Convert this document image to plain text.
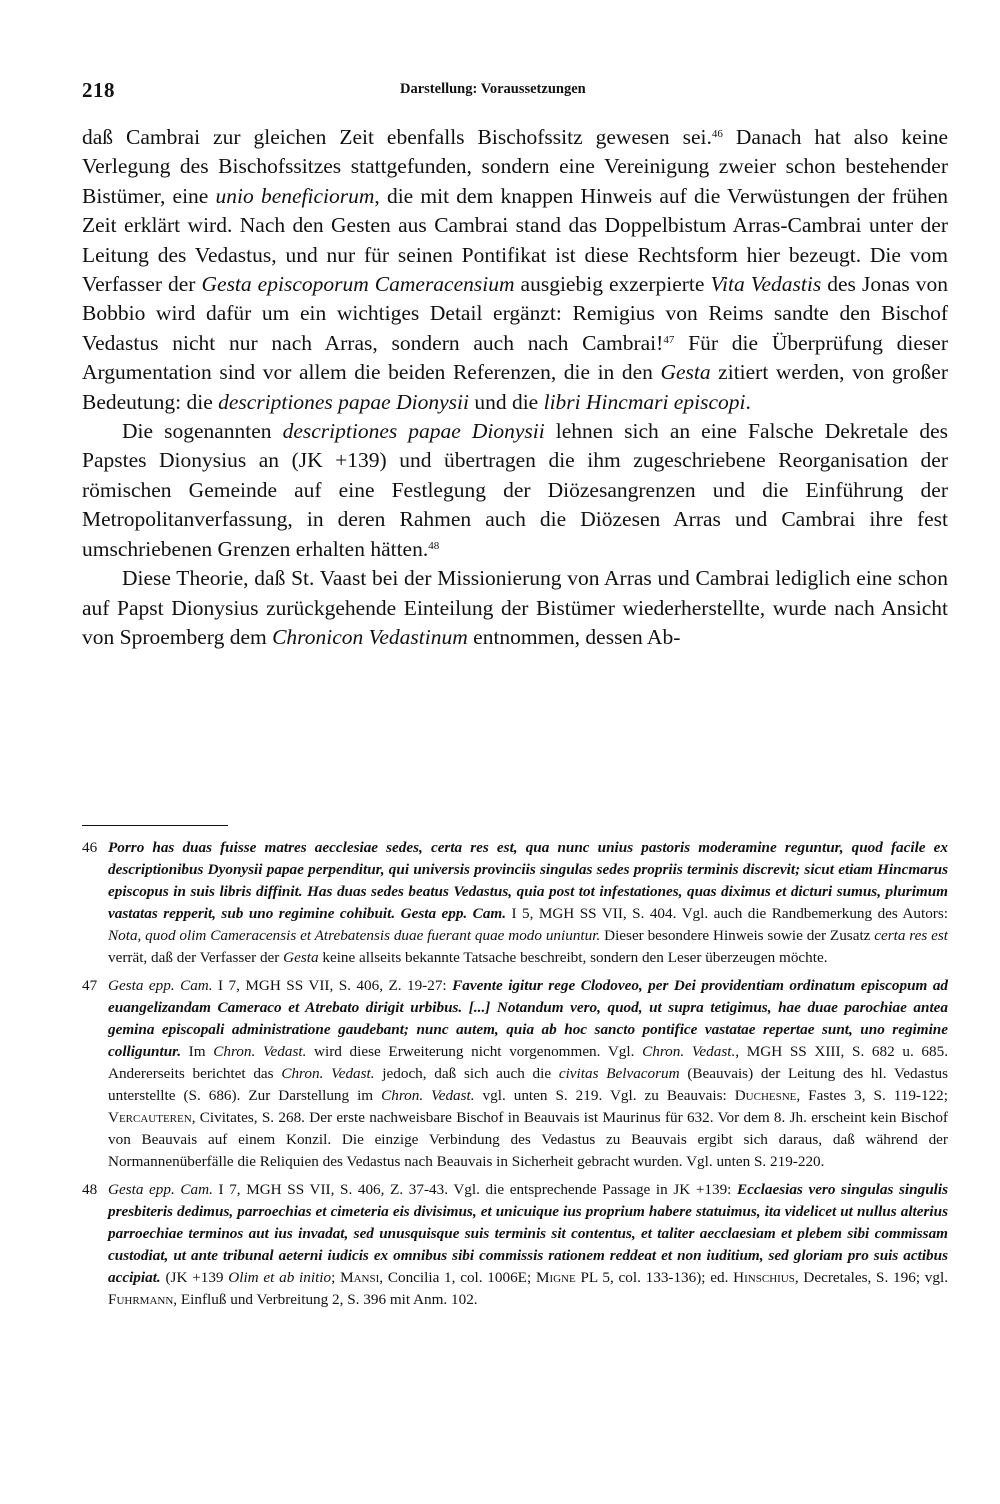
218	Darstellung: Voraussetzungen

daß Cambrai zur gleichen Zeit ebenfalls Bischofssitz gewesen sei.$^{46}$ Danach hat also keine Verlegung des Bischofssitzes stattgefunden, sondern eine Vereinigung zweier schon bestehender Bistümer, eine unio beneficiorum, die mit dem knappen Hinweis auf die Verwüstungen der frühen Zeit erklärt wird. Nach den Gesten aus Cambrai stand das Doppelbistum Arras-Cambrai unter der Leitung des Vedastus, und nur für seinen Pontifikat ist diese Rechtsform hier bezeugt. Die vom Verfasser der Gesta episcoporum Cameracensium ausgiebig exzerpierte Vita Vedastis des Jonas von Bobbio wird dafür um ein wichtiges Detail ergänzt: Remigius von Reims sandte den Bischof Vedastus nicht nur nach Arras, sondern auch nach Cambrai!$^{47}$ Für die Überprüfung dieser Argumentation sind vor allem die beiden Referenzen, die in den Gesta zitiert werden, von großer Bedeutung: die descriptiones papae Dionysii und die libri Hincmari episcopi.

Die sogenannten descriptiones papae Dionysii lehnen sich an eine Falsche Dekretale des Papstes Dionysius an (JK +139) und übertragen die ihm zugeschriebene Reorganisation der römischen Gemeinde auf eine Festlegung der Diözesangrenzen und die Einführung der Metropolitanverfassung, in deren Rahmen auch die Diözesen Arras und Cambrai ihre fest umschriebenen Grenzen erhalten hätten.$^{48}$

Diese Theorie, daß St. Vaast bei der Missionierung von Arras und Cambrai lediglich eine schon auf Papst Dionysius zurückgehende Einteilung der Bistümer wiederherstellte, wurde nach Ansicht von Sproemberg dem Chronicon Vedastinum entnommen, dessen Ab-

46 Porro has duas fuisse matres aecclesiae sedes, certa res est, qua nunc unius pastoris moderamine reguntur, quod facile ex descriptionibus Dyonysii papae perpenditur, qui universis provinciis singulas sedes propriis terminis discrevit; sicut etiam Hincmarus episcopus in suis libris diffinit. Has duas sedes beatus Vedastus, quia post tot infestationes, quas diximus et dicturi sumus, plurimum vastatas repperit, sub uno regimine cohibuit. Gesta epp. Cam. I 5, MGH SS VII, S. 404. Vgl. auch die Randbemerkung des Autors: Nota, quod olim Cameracensis et Atrebatensis duae fuerant quae modo uniuntur. Dieser besondere Hinweis sowie der Zusatz certa res est verrät, daß der Verfasser der Gesta keine allseits bekannte Tatsache beschreibt, sondern den Leser überzeugen möchte.
47 Gesta epp. Cam. I 7, MGH SS VII, S. 406, Z. 19-27: Favente igitur rege Clodoveo, per Dei providentiam ordinatum episcopum ad euangelizandam Cameraco et Atrebato dirigit urbibus. [...] Notandum vero, quod, ut supra tetigimus, hae duae parochiae antea gemina episcopali administratione gaudebant; nunc autem, quia ab hoc sancto pontifice vastatae repertae sunt, uno regimine colliguntur. Im Chron. Vedast. wird diese Erweiterung nicht vorgenommen. Vgl. Chron. Vedast., MGH SS XIII, S. 682 u. 685. Andererseits berichtet das Chron. Vedast. jedoch, daß sich auch die civitas Belvacorum (Beauvais) der Leitung des hl. Vedastus unterstellte (S. 686). Zur Darstellung im Chron. Vedast. vgl. unten S. 219. Vgl. zu Beauvais: Duchesne, Fastes 3, S. 119-122; Vercauteren, Civitates, S. 268. Der erste nachweisbare Bischof in Beauvais ist Maurinus für 632. Vor dem 8. Jh. erscheint kein Bischof von Beauvais auf einem Konzil. Die einzige Verbindung des Vedastus zu Beauvais ergibt sich daraus, daß während der Normannenüberfälle die Reliquien des Vedastus nach Beauvais in Sicherheit gebracht wurden. Vgl. unten S. 219-220.
48 Gesta epp. Cam. I 7, MGH SS VII, S. 406, Z. 37-43. Vgl. die entsprechende Passage in JK +139: Ecclaesias vero singulas singulis presbiteris dedimus, parroechias et cimeteria eis divisimus, et unicuique ius proprium habere statuimus, ita videlicet ut nullus alterius parroechiae terminos aut ius invadat, sed unusquisque suis terminis sit contentus, et taliter aecclaesiam et plebem sibi commissam custodiat, ut ante tribunal aeterni iudicis ex omnibus sibi commissis rationem reddeat et non iuditium, sed gloriam pro suis actibus accipiat. (JK +139 Olim et ab initio; Mansi, Concilia 1, col. 1006E; Migne PL 5, col. 133-136); ed. Hinschius, Decretales, S. 196; vgl. Fuhrmann, Einfluß und Verbreitung 2, S. 396 mit Anm. 102.
